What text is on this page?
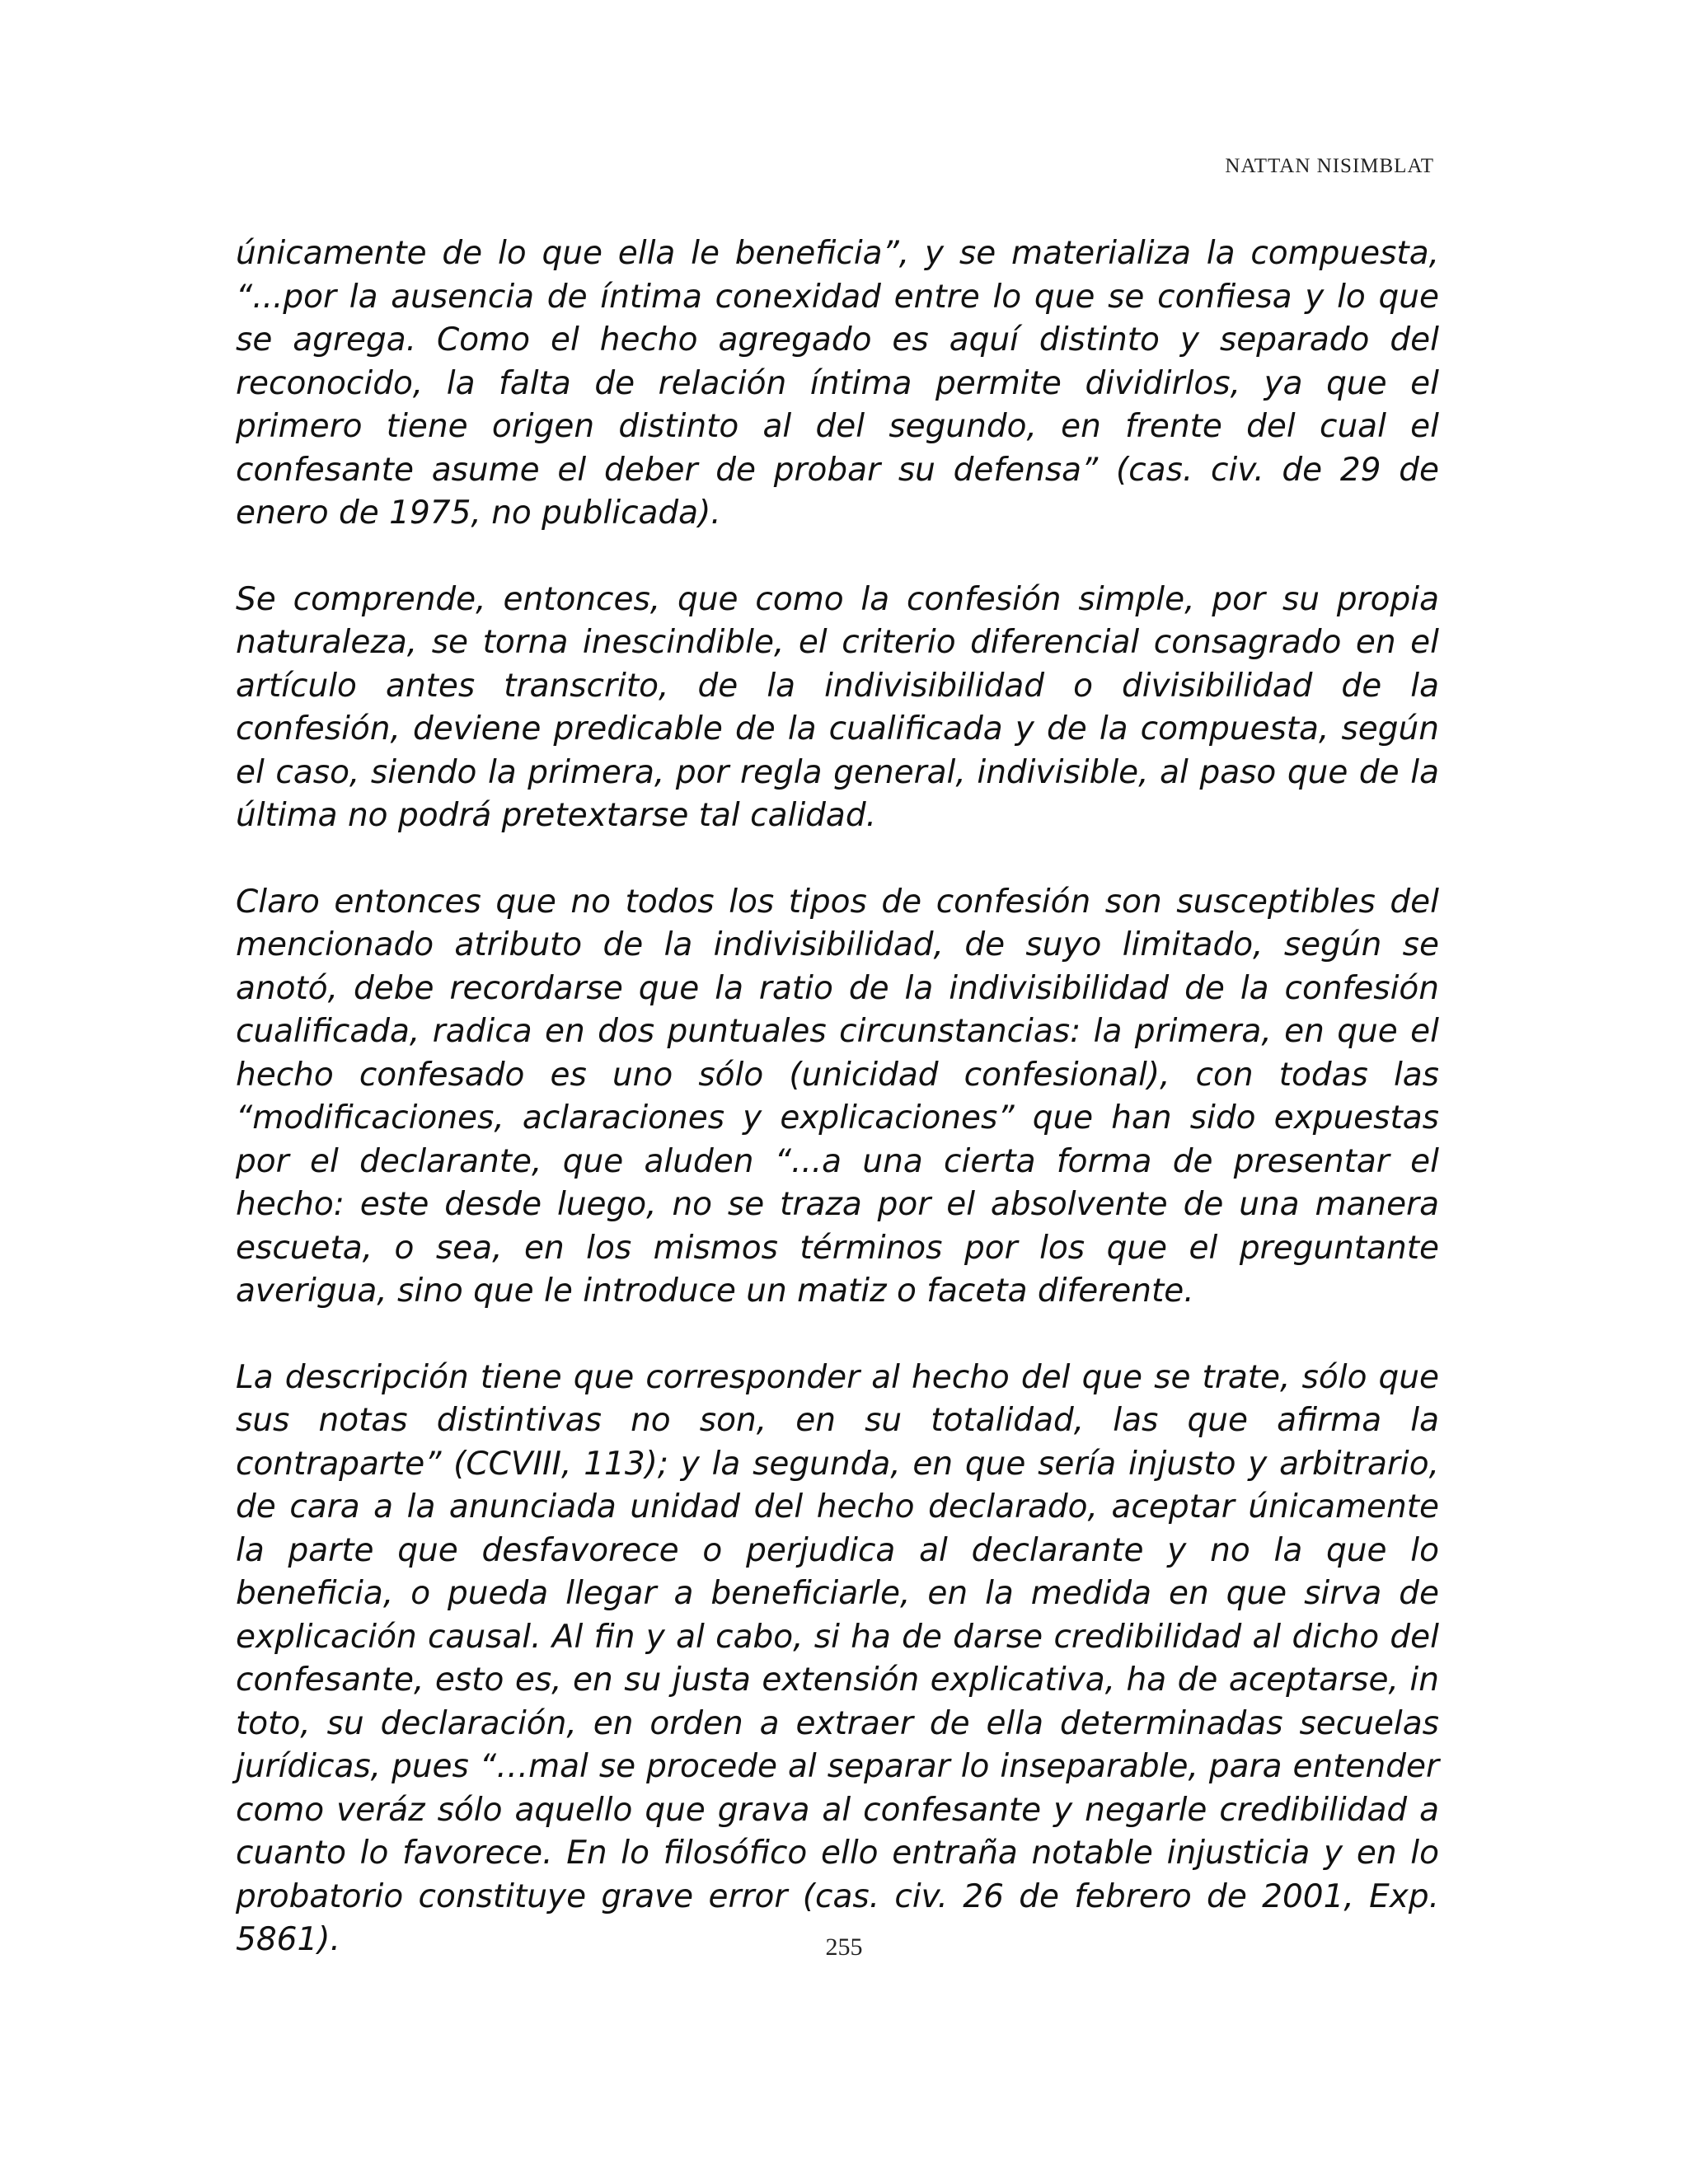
NATTAN NISIMBLAT

únicamente de lo que ella le beneficia”, y se materializa la compuesta, “...por la ausencia de íntima conexidad entre lo que se confiesa y lo que se agrega. Como el hecho agregado es aquí distinto y separado del reconocido, la falta de relación íntima permite dividirlos, ya que el primero tiene origen distinto al del segundo, en frente del cual el confesante asume el deber de probar su defensa” (cas. civ. de 29 de enero de 1975, no publicada).

Se comprende, entonces, que como la confesión simple, por su propia naturaleza, se torna inescindible, el criterio diferencial consagrado en el artículo antes transcrito, de la indivisibilidad o divisibilidad de la confesión, deviene predicable de la cualificada y de la compuesta, según el caso, siendo la primera, por regla general, indivisible, al paso que de la última no podrá pretextarse tal calidad.

Claro entonces que no todos los tipos de confesión son susceptibles del mencionado atributo de la indivisibilidad, de suyo limitado, según se anotó, debe recordarse que la ratio de la indivisibilidad de la confesión cualificada, radica en dos puntuales circunstancias: la primera, en que el hecho confesado es uno sólo (unicidad confesional), con todas las “modificaciones, aclaraciones y explicaciones” que han sido expuestas por el declarante, que aluden “...a una cierta forma de presentar el hecho: este desde luego, no se traza por el absolvente de una manera escueta, o sea, en los mismos términos por los que el preguntante averigua, sino que le introduce un matiz o faceta diferente.

La descripción tiene que corresponder al hecho del que se trate, sólo que sus notas distintivas no son, en su totalidad, las que afirma la contraparte” (CCVIII, 113); y la segunda, en que sería injusto y arbitrario, de cara a la anunciada unidad del hecho declarado, aceptar únicamente la parte que desfavorece o perjudica al declarante y no la que lo beneficia, o pueda llegar a beneficiarle, en la medida en que sirva de explicación causal. Al fin y al cabo, si ha de darse credibilidad al dicho del confesante, esto es, en su justa extensión explicativa, ha de aceptarse, in toto, su declaración, en orden a extraer de ella determinadas secuelas jurídicas, pues “…mal se procede al separar lo inseparable, para entender como veráz sólo aquello que grava al confesante y negarle credibilidad a cuanto lo favorece. En lo filosófico ello entraña notable injusticia y en lo probatorio constituye grave error (cas. civ. 26 de febrero de 2001, Exp. 5861).	255
